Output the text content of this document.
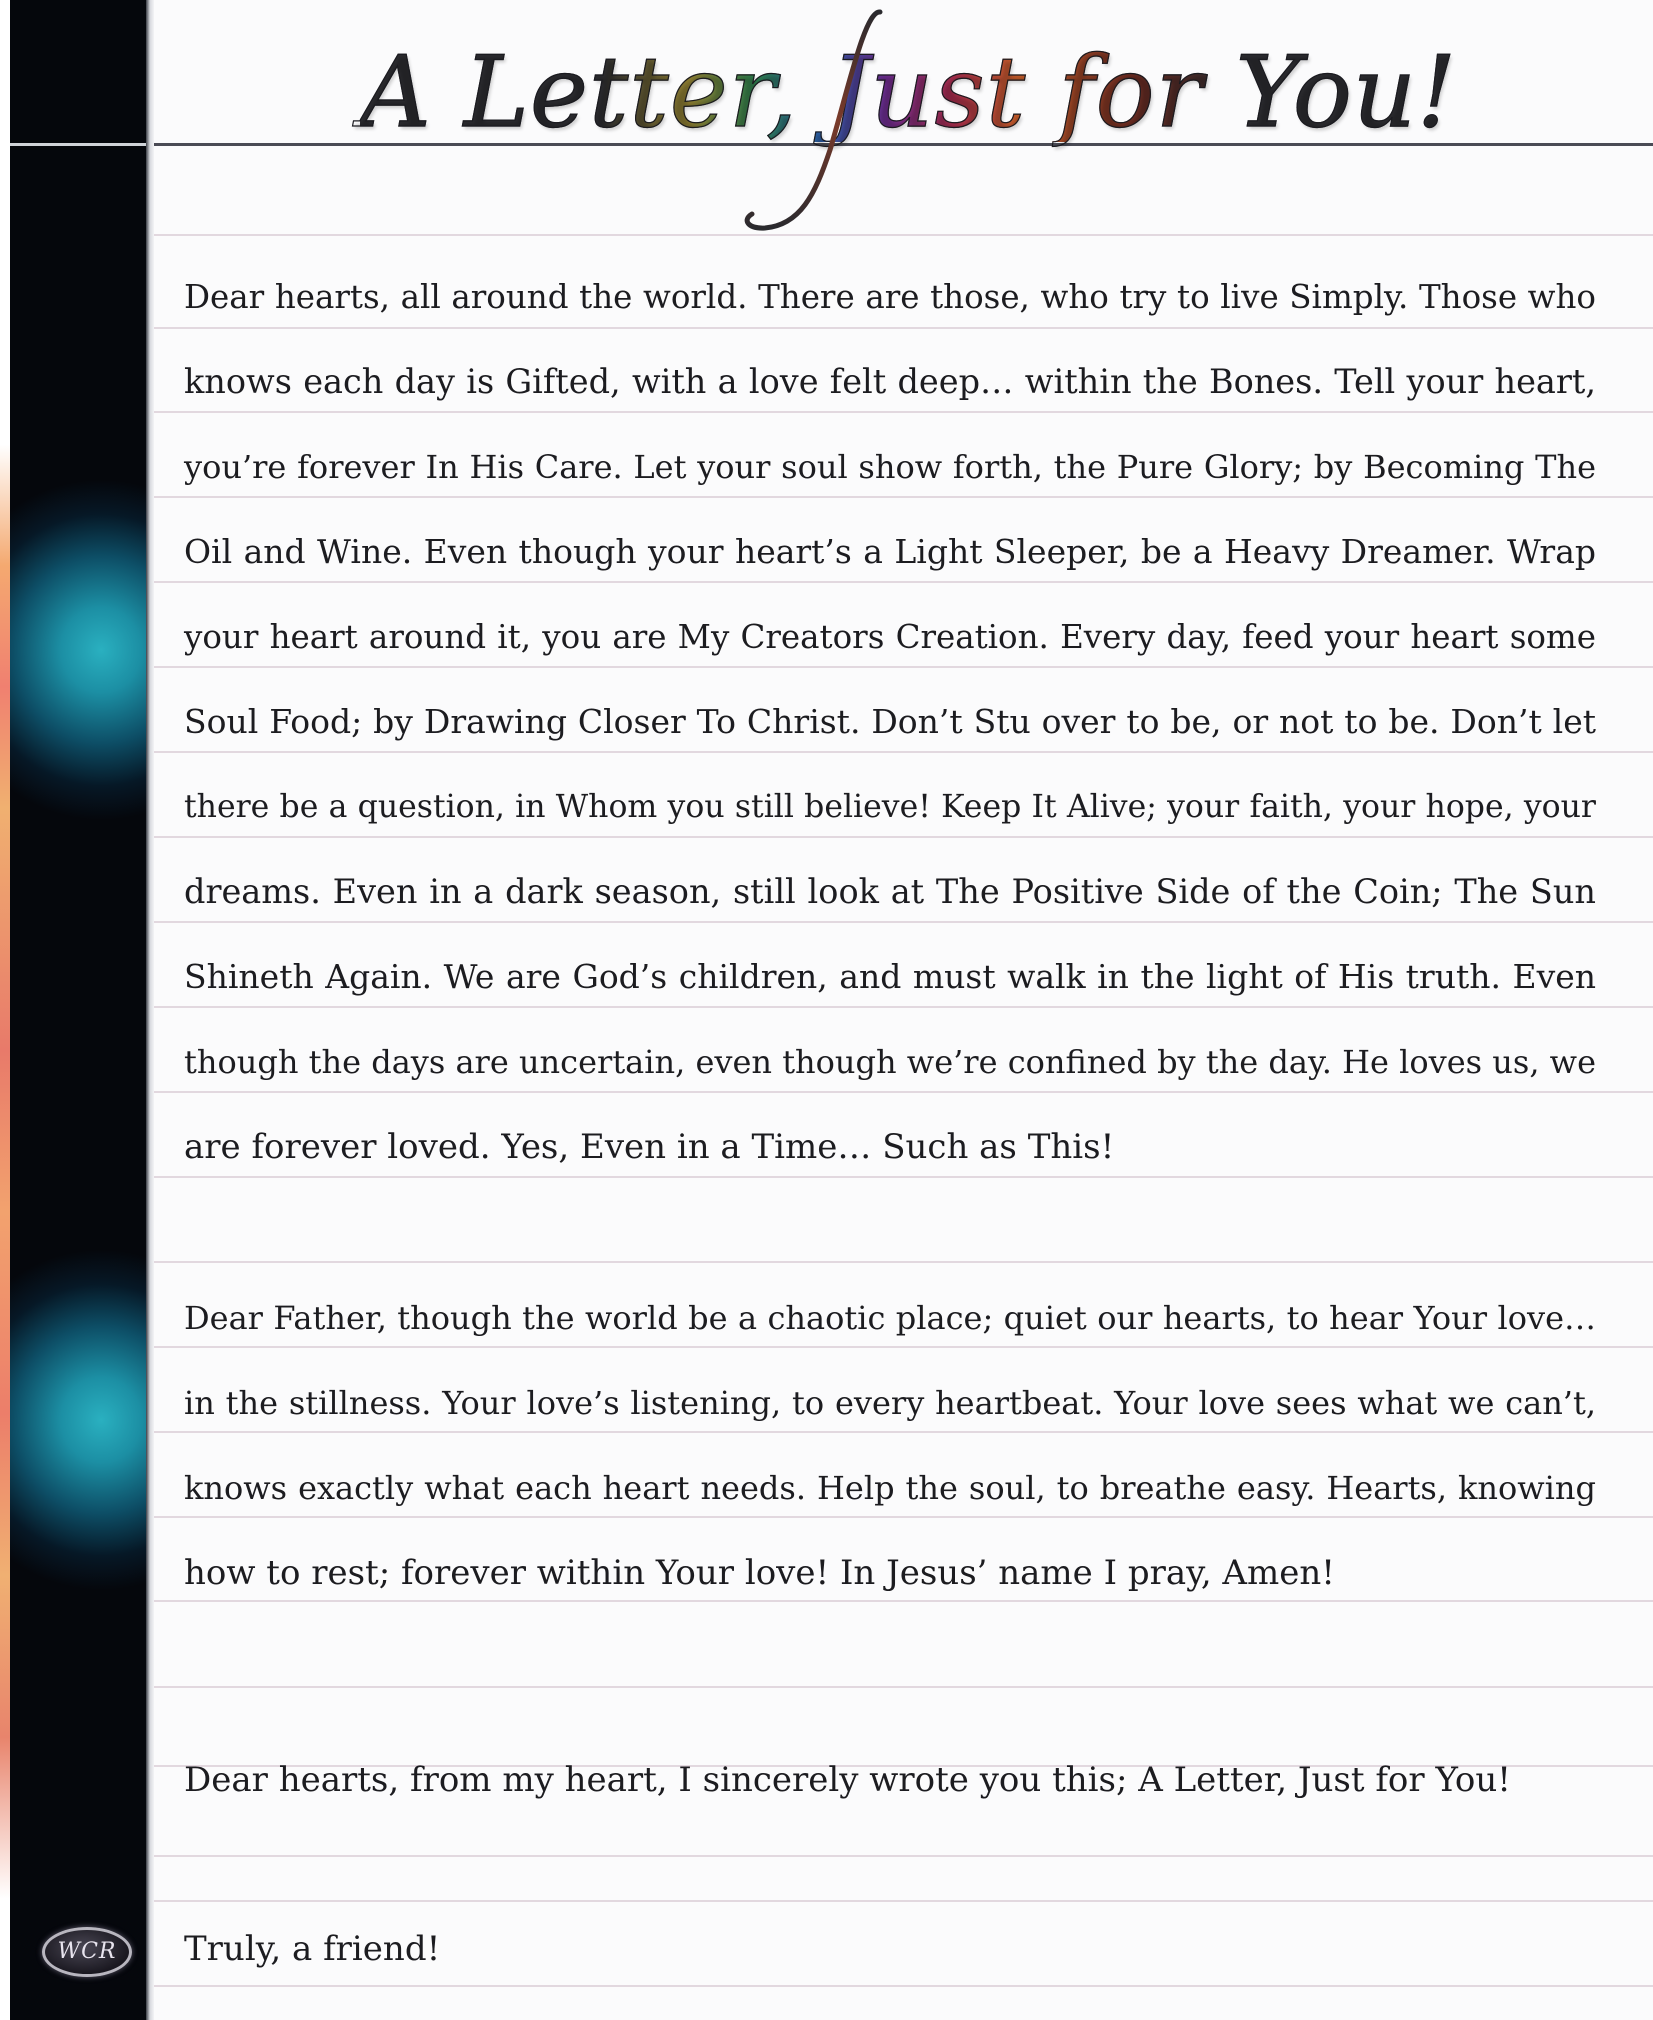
A Letter, Just for You!

Dear hearts, all around the world. There are those, who try to live Simply. Those who

knows each day is Gifted, with a love felt deep… within the Bones. Tell your heart,

you’re forever In His Care. Let your soul show forth, the Pure Glory; by Becoming The

Oil and Wine. Even though your heart’s a Light Sleeper, be a Heavy Dreamer. Wrap

your heart around it, you are My Creators Creation. Every day, feed your heart some

Soul Food; by Drawing Closer To Christ. Don’t Stu over to be, or not to be. Don’t let

there be a question, in Whom you still believe! Keep It Alive; your faith, your hope, your

dreams. Even in a dark season, still look at The Positive Side of the Coin; The Sun

Shineth Again. We are God’s children, and must walk in the light of His truth. Even

though the days are uncertain, even though we’re confined by the day. He loves us, we

are forever loved. Yes, Even in a Time… Such as This!

Dear Father, though the world be a chaotic place; quiet our hearts, to hear Your love…

in the stillness. Your love’s listening, to every heartbeat. Your love sees what we can’t,

knows exactly what each heart needs. Help the soul, to breathe easy. Hearts, knowing

how to rest; forever within Your love! In Jesus’ name I pray, Amen!

Dear hearts, from my heart, I sincerely wrote you this; A Letter, Just for You!

Truly, a friend!

WCR
